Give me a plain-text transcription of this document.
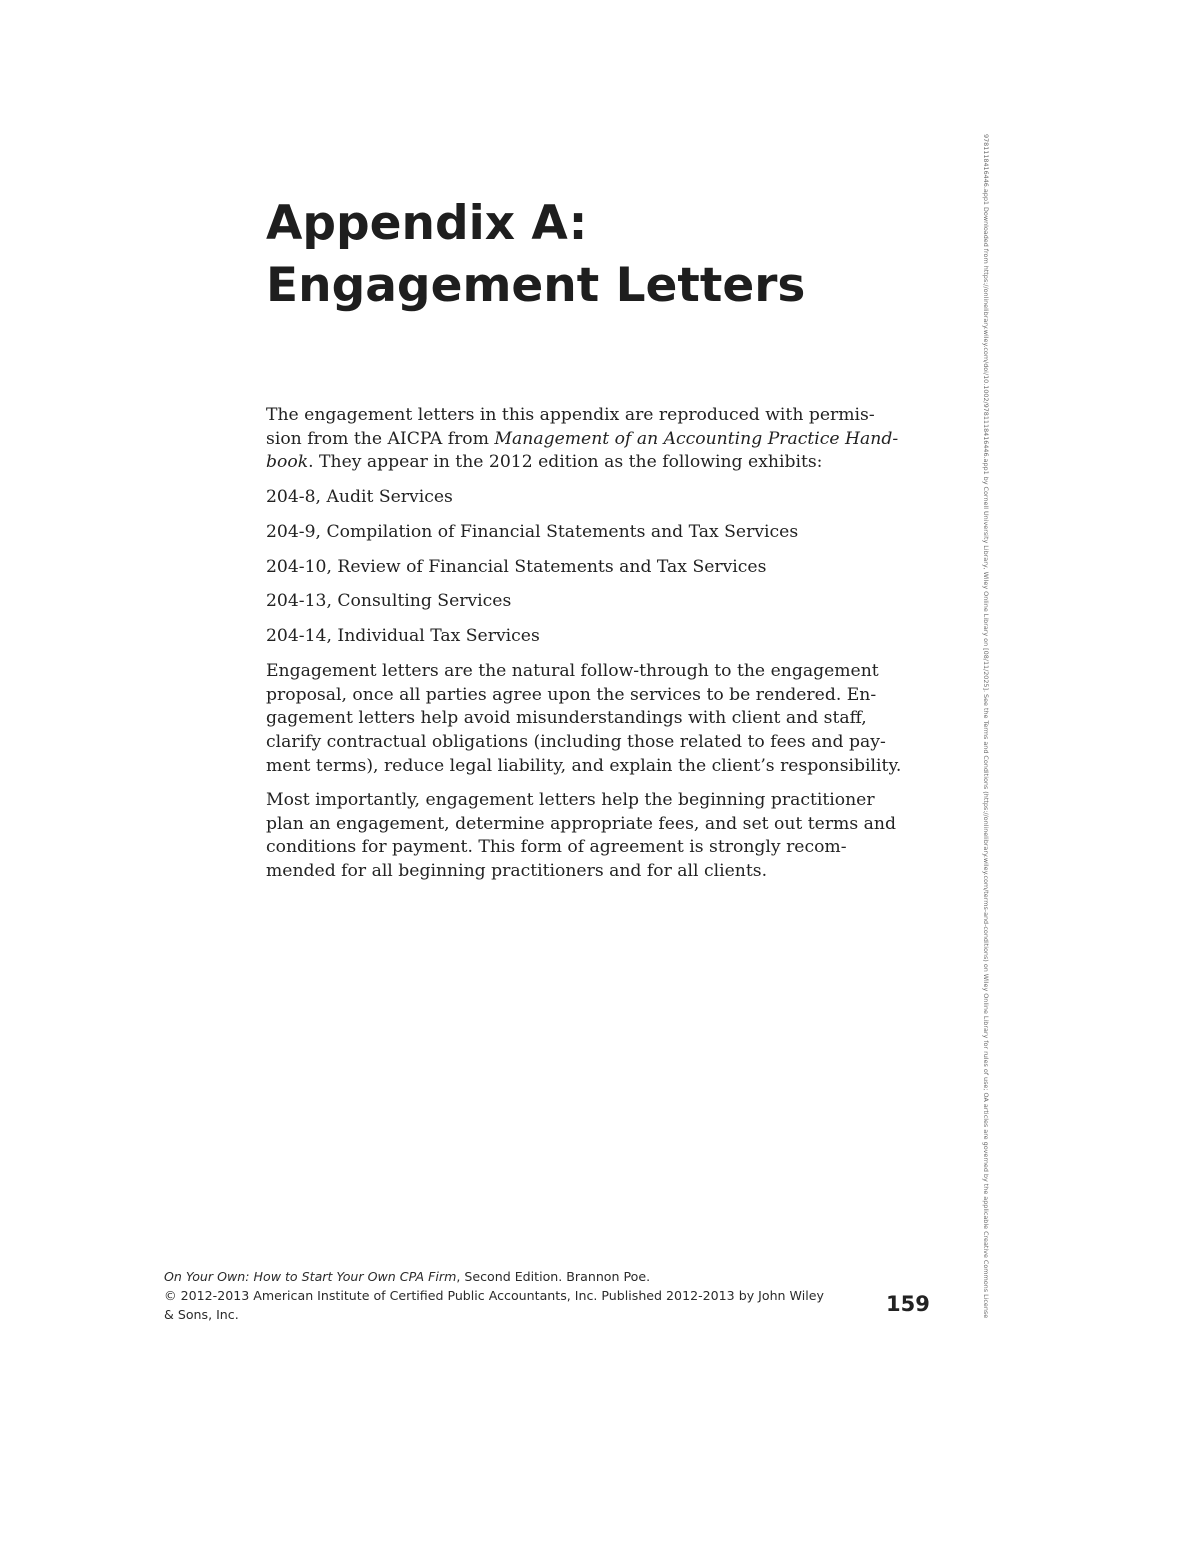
Appendix A:
Engagement Letters

The engagement letters in this appendix are reproduced with permis-
sion from the AICPA from Management of an Accounting Practice Hand-
book. They appear in the 2012 edition as the following exhibits:

204-8, Audit Services
204-9, Compilation of Financial Statements and Tax Services
204-10, Review of Financial Statements and Tax Services
204-13, Consulting Services
204-14, Individual Tax Services

Engagement letters are the natural follow-through to the engagement
proposal, once all parties agree upon the services to be rendered. En-
gagement letters help avoid misunderstandings with client and staff,
clarify contractual obligations (including those related to fees and pay-
ment terms), reduce legal liability, and explain the client’s responsibility.

Most importantly, engagement letters help the beginning practitioner
plan an engagement, determine appropriate fees, and set out terms and
conditions for payment. This form of agreement is strongly recom-
mended for all beginning practitioners and for all clients.

On Your Own: How to Start Your Own CPA Firm, Second Edition. Brannon Poe.
© 2012-2013 American Institute of Certified Public Accountants, Inc. Published 2012-2013 by John Wiley
& Sons, Inc.	159	9781118416446.app1 Downloaded from https://onlinelibrary.wiley.com/doi/10.1002/9781118416446.app1 by Cornell University Library, Wiley Online Library on [08/11/2025]. See the Terms and Conditions (https://onlinelibrary.wiley.com/terms-and-conditions) on Wiley Online Library for rules of use; OA articles are governed by the applicable Creative Commons License
